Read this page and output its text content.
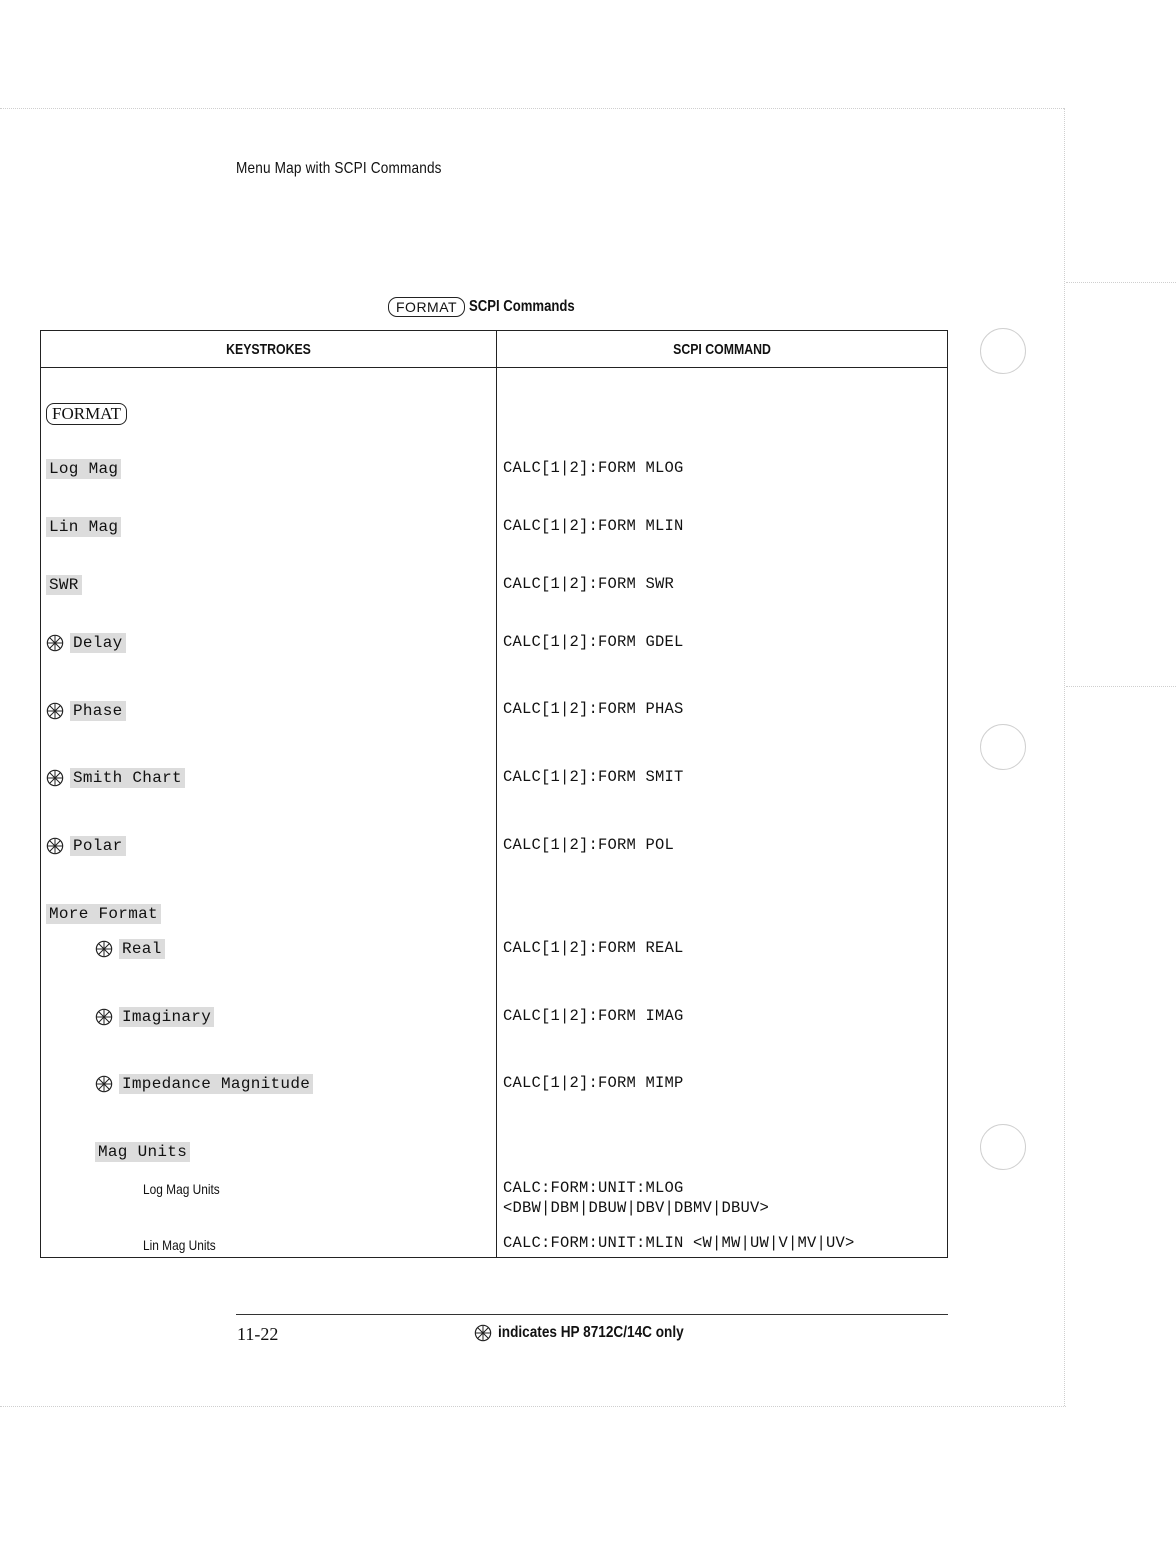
Menu Map with SCPI Commands
FORMAT SCPI Commands
KEYSTROKES	SCPI COMMAND
FORMAT
Log Mag	CALC[1|2]:FORM MLOG
Lin Mag	CALC[1|2]:FORM MLIN
SWR	CALC[1|2]:FORM SWR
Delay	CALC[1|2]:FORM GDEL
Phase	CALC[1|2]:FORM PHAS
Smith Chart	CALC[1|2]:FORM SMIT
Polar	CALC[1|2]:FORM POL
More Format
Real	CALC[1|2]:FORM REAL
Imaginary	CALC[1|2]:FORM IMAG
Impedance Magnitude	CALC[1|2]:FORM MIMP
Mag Units
Log Mag Units	CALC:FORM:UNIT:MLOG
<DBW|DBM|DBUW|DBV|DBMV|DBUV>
Lin Mag Units	CALC:FORM:UNIT:MLIN <W|MW|UW|V|MV|UV>
11-22	indicates HP 8712C/14C only
